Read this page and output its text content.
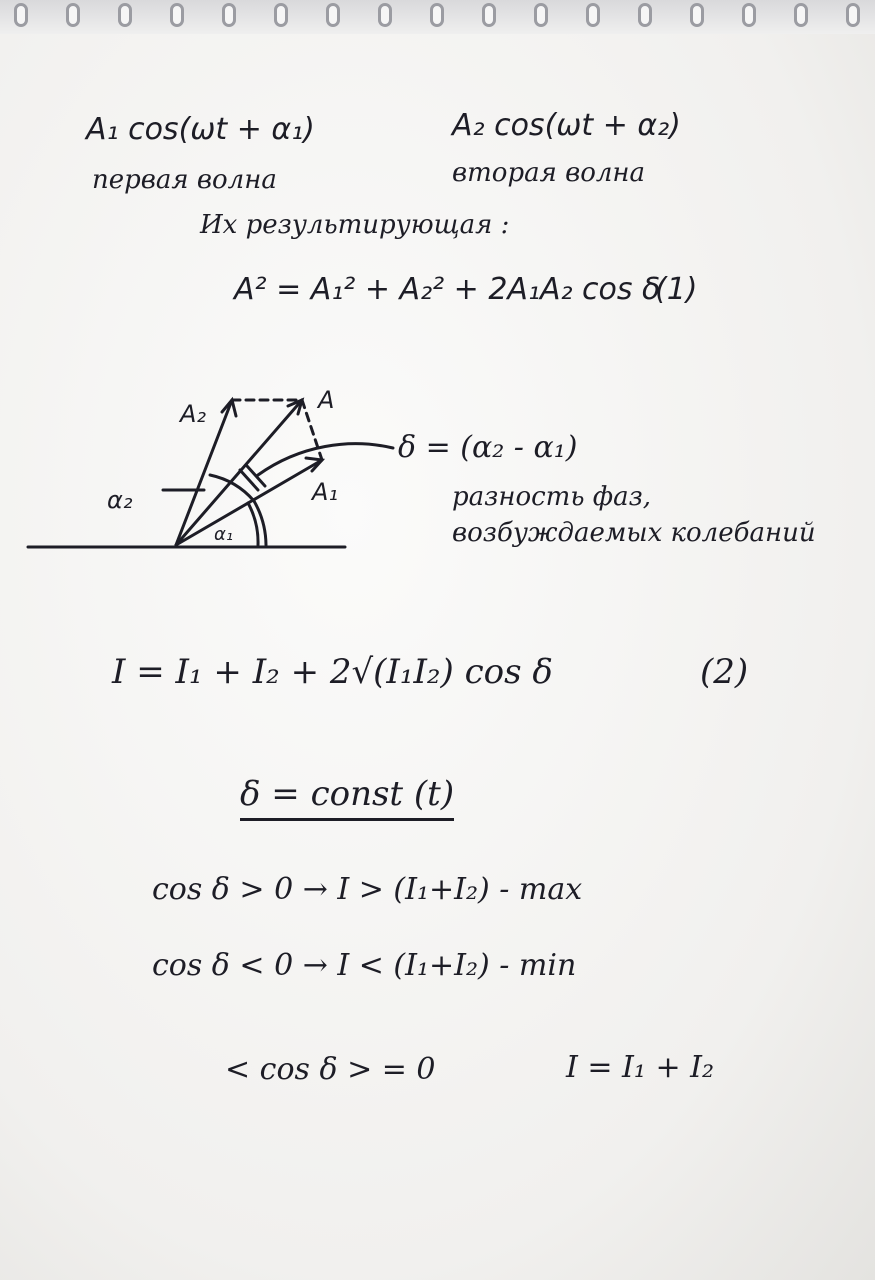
A₁ cos(ωt + α₁)	A₂ cos(ωt + α₂)
первая волна	вторая волна
Их результирующая :
A² = A₁² + A₂² + 2A₁A₂ cos δ
(1)
A₂	A
A₁
α₂
α₁
δ = (α₂ - α₁)
разность фаз,
возбуждаемых колебаний
I = I₁ + I₂ + 2√(I₁I₂) cos δ	(2)
δ = const (t)
cos δ > 0 → I > (I₁+I₂) - max
cos δ < 0 → I < (I₁+I₂) - min
< cos δ > = 0	I = I₁ + I₂
